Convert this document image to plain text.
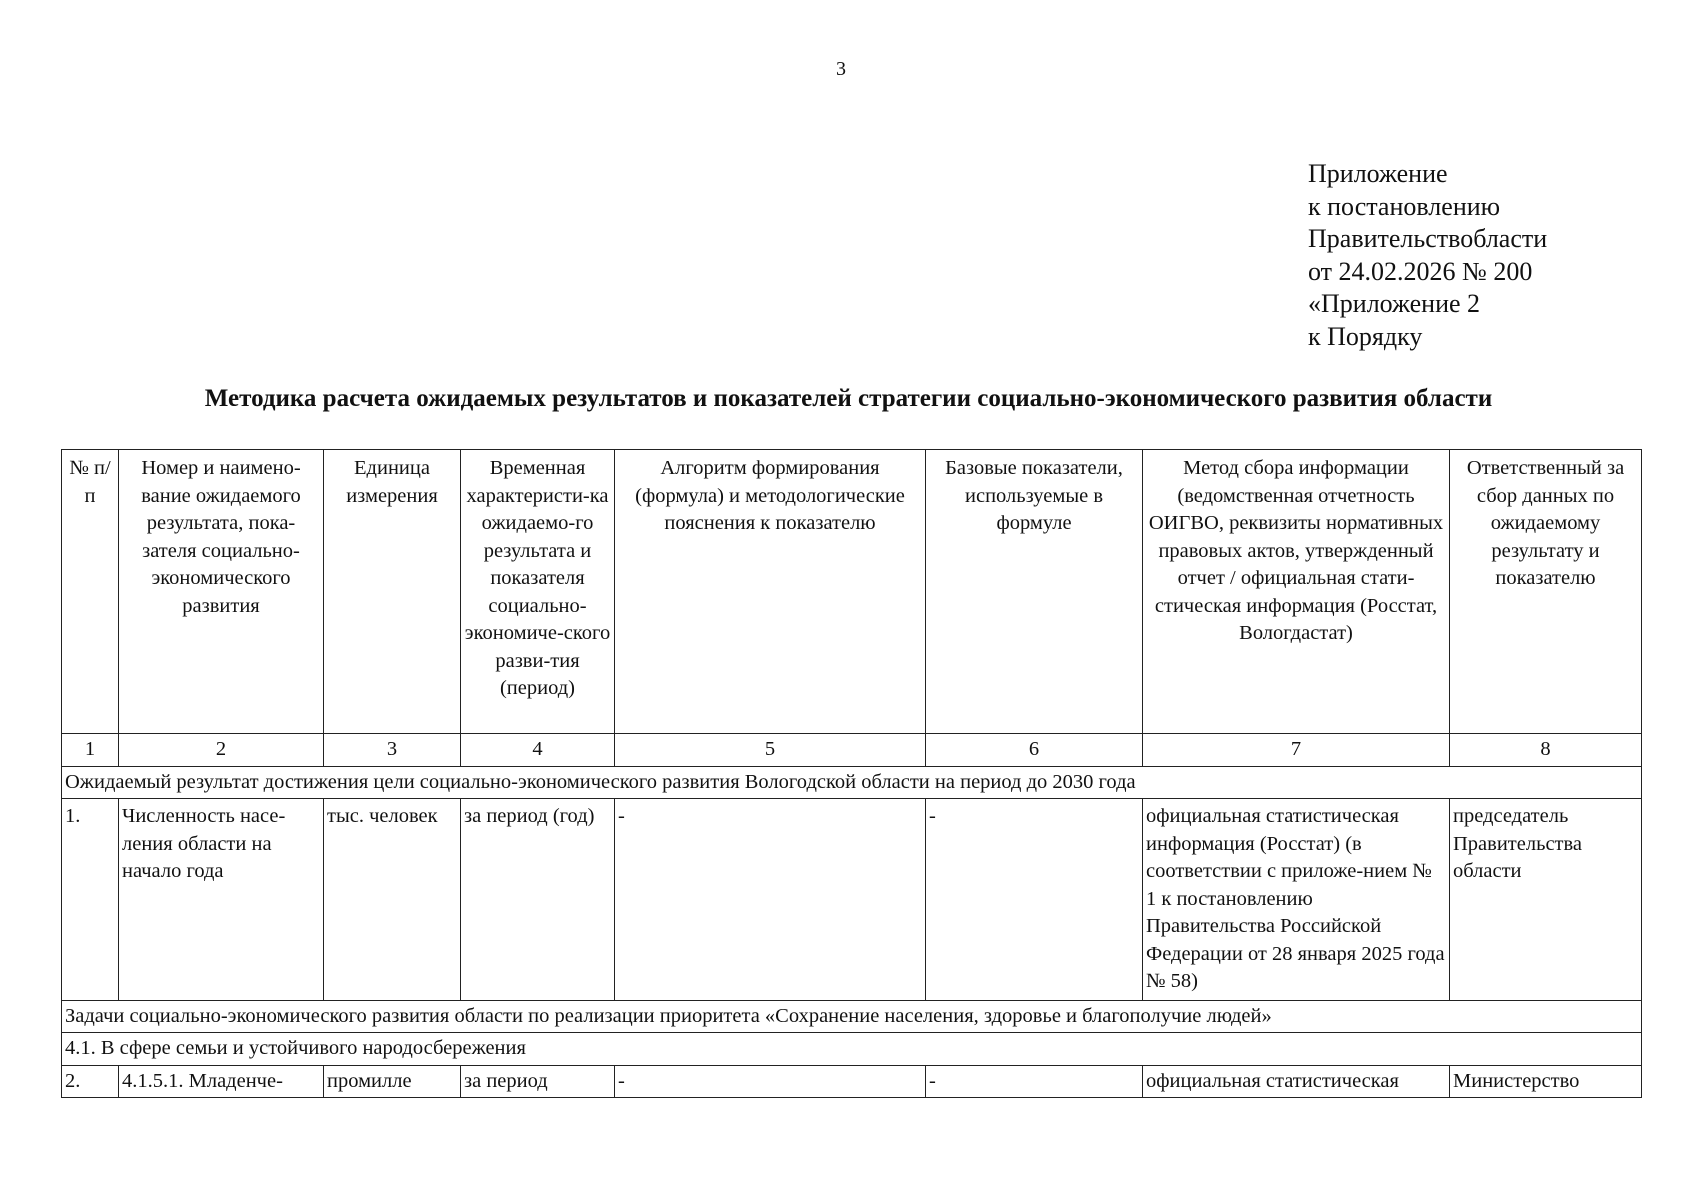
3
Приложение
к постановлению
Правительствобласти
от 24.02.2026 № 200
«Приложение 2
к Порядку
Методика расчета ожидаемых результатов и показателей стратегии социально-экономического развития области
№ п/п	Номер и наимено-вание ожидаемого результата, пока-зателя социально-экономического развития	Единица измерения	Временная характеристи-ка ожидаемо-го результата и показателя социально-экономиче-ского разви-тия (период)	Алгоритм формирования (формула) и методологические пояснения к показателю	Базовые показатели, используемые в формуле	Метод сбора информации (ведомственная отчетность ОИГВО, реквизиты нормативных правовых актов, утвержденный отчет / официальная стати-стическая информация (Росстат, Вологдастат)	Ответственный за сбор данных по ожидаемому результату и показателю
1	2	3	4	5	6	7	8
Ожидаемый результат достижения цели социально-экономического развития Вологодской области на период до 2030 года							
1.	Численность насе-ления области на начало года	тыс. человек	за период (год)	-	-	официальная статистическая информация (Росстат) (в соответствии с приложе-нием № 1 к постановлению Правительства Российской Федерации от 28 января 2025 года № 58)	председатель Правительства области
Задачи социально-экономического развития области по реализации приоритета «Сохранение населения, здоровье и благополучие людей»							
4.1. В сфере семьи и устойчивого народосбережения							
2.	4.1.5.1. Младенче-	промилле	за период	-	-	официальная статистическая	Министерство
